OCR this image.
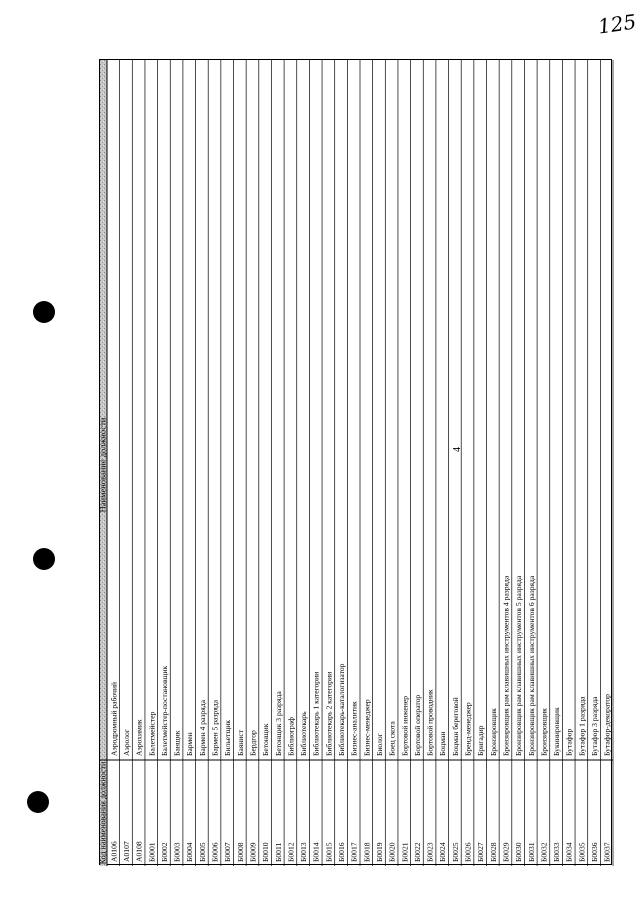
125
4
Наименование должности
Код наименования должности А0106
Аэродромный рабочий
А0107
Аэролог
А0108
Аэрохимик
Б0001
Балетмейстер
Б0002
Балетмейстер-постановщик
Б0003
Банщик
Б0004
Бармен
Б0005
Бармен 4 разряда
Б0006
Бармен 5 разряда
Б0007
Бильетщик
Б0008
Баянист
Б0009
Бердгор
Б0010
Бетонщик
Б0011
Бетонщик 3 разряда
Б0012
Библиограф
Б0013
Библиотекарь
Б0014
Библиотекарь 1 категории
Б0015
Библиотекарь 2 категории
Б0016
Библиотекарь-каталогизатор
Б0017
Бизнес-аналитик
Б0018
Бизнес-менеджер
Б0019
Биолог
Б0020
Боец скота
Б0021
Бортовой инженер
Б0022
Бортовой оператор
Б0023
Бортовой проводник
Б0024
Боцман
Б0025
Боцман береговой
Б0026
Бренд-менеджер
Б0027
Бригадир
Б0028
Бронзировщик
Б0029
Бронзировщик рам клавишных инструментов 4 разряда
Б0030
Бронзировщик рам клавишных инструментов 5 разряда
Б0031
Бронзировщик рам клавишных инструментов 6 разряда
Б0032
Бронзировщик
Б0033
Букинировщик
Б0034
Бутафор
Б0035
Бутафор 1 разряда
Б0036
Бутафор 3 разряда
Б0037
Бутафор-декоратор
